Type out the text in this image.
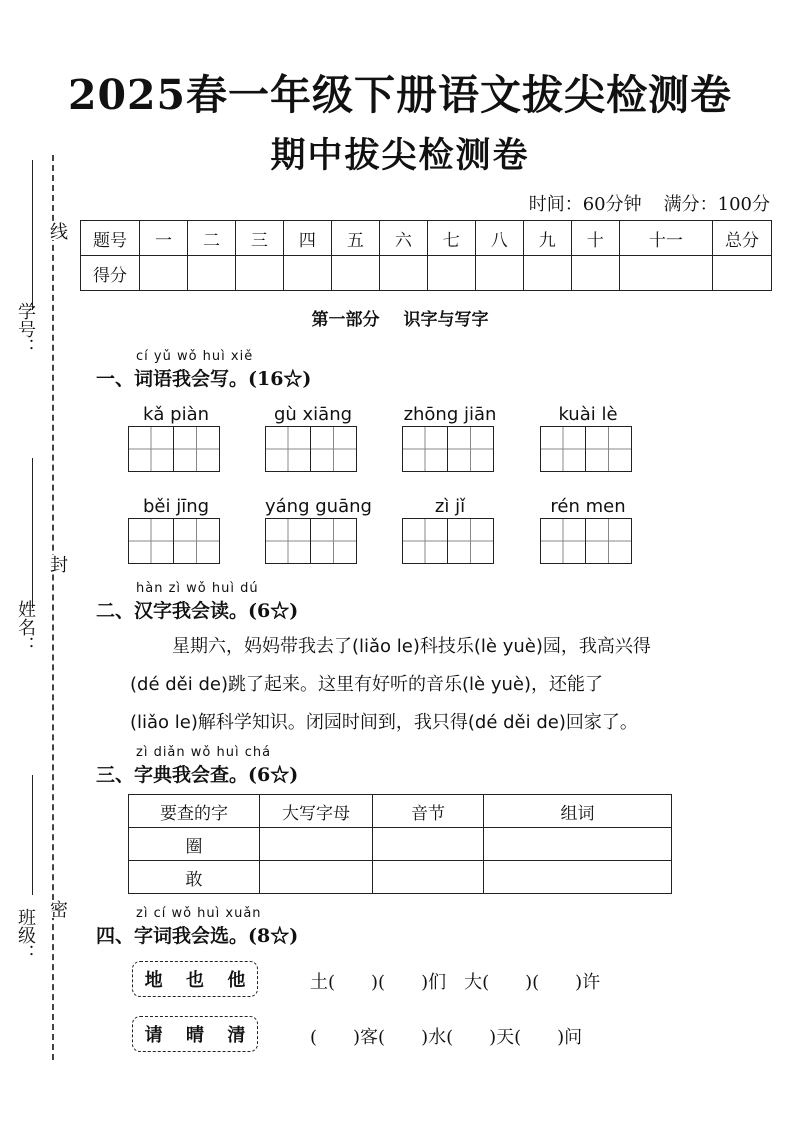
线
封
密
学号：
姓名：
班级：
2025春一年级下册语文拔尖检测卷
期中拔尖检测卷
时间：60分钟 满分：100分
题号	一	二	三	四	五	六	七	八	九	十	十一	总分
得分												
第一部分 识字与写字
cí yǔ wǒ huì xiě
一、词语我会写。(16☆)
kǎ piàn	gù xiāng	zhōng jiān	kuài lè
běi jīng	yáng guāng	zì jǐ	rén men
hàn zì wǒ huì dú
二、汉字我会读。(6☆)
星期六，妈妈带我去了(liǎo le)科技乐(lè yuè)园，我高兴得
(dé děi de)跳了起来。这里有好听的音乐(lè yuè)，还能了
(liǎo le)解科学知识。闭园时间到，我只得(dé děi de)回家了。
zì diǎn wǒ huì chá
三、字典我会查。(6☆)
要查的字	大写字母	音节	组词
圈			
敢			
zì cí wǒ huì xuǎn
四、字词我会选。(8☆)
地 也 他	土(　　)(　　)们　大(　　)(　　)许
请 晴 清	(　　)客(　　)水(　　)天(　　)问
